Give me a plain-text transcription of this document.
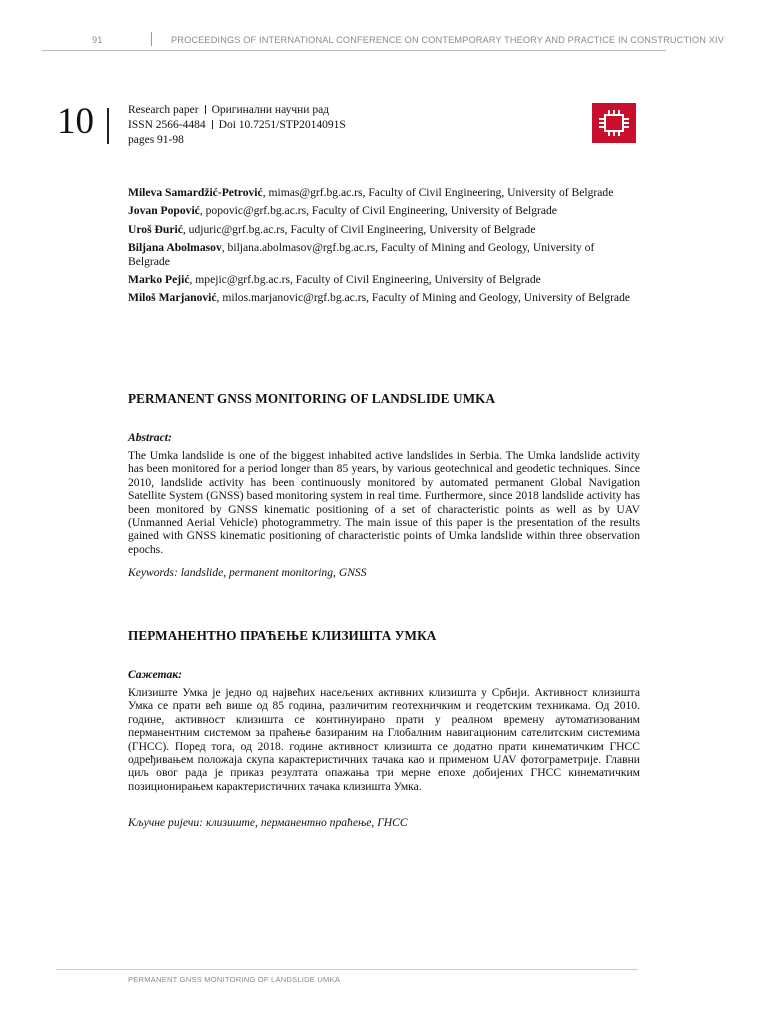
91	PROCEEDINGS OF INTERNATIONAL CONFERENCE ON CONTEMPORARY THEORY AND PRACTICE IN CONSTRUCTION XIV
10	Research paper Оригинални научни рад
ISSN 2566-4484 Doi 10.7251/STP2014091S
pages 91-98
Mileva Samardžić-Petrović, mimas@grf.bg.ac.rs, Faculty of Civil Engineering, University of Belgrade
Jovan Popović, popovic@grf.bg.ac.rs, Faculty of Civil Engineering, University of Belgrade
Uroš Đurić, udjuric@grf.bg.ac.rs, Faculty of Civil Engineering, University of Belgrade
Biljana Abolmasov, biljana.abolmasov@rgf.bg.ac.rs, Faculty of Mining and Geology, University of Belgrade
Marko Pejić, mpejic@grf.bg.ac.rs, Faculty of Civil Engineering, University of Belgrade
Miloš Marjanović, milos.marjanovic@rgf.bg.ac.rs, Faculty of Mining and Geology, University of Belgrade
PERMANENT GNSS MONITORING OF LANDSLIDE UMKA
Abstract:

The Umka landslide is one of the biggest inhabited active landslides in Serbia. The Umka landslide activity has been monitored for a period longer than 85 years, by various geotechnical and geodetic techniques. Since 2010, landslide activity has been continuously monitored by automated permanent Global Navigation Satellite System (GNSS) based monitoring system in real time. Furthermore, since 2018 landslide activity has been monitored by GNSS kinematic positioning of a set of characteristic points as well as by UAV (Unmanned Aerial Vehicle) photogrammetry. The main issue of this paper is the presentation of the results gained with GNSS kinematic positioning of characteristic points of Umka landslide within three observation epochs.

Keywords: landslide, permanent monitoring, GNSS
ПЕРМАНЕНТНО ПРАЋЕЊЕ КЛИЗИШТА УМКА
Сажетак:

Клизиште Умка је једно од највећих насељених активних клизишта у Србији. Активност клизишта Умка се прати већ више од 85 година, различитим геотехничким и геодетским техникама. Од 2010. године, активност клизишта се континуирано прати у реалном времену аутоматизованим перманентним системом за праћење базираним на Глобалним навигационим сателитским системима (ГНСС). Поред тога, од 2018. године активност клизишта се додатно прати кинематичким ГНСС одређивањем положаја скупа карактеристичних тачака као и применом UAV фотограметрије. Главни циљ овог рада је приказ резултата опажања три мерне епохе добијених ГНСС кинематичким позиционирањем карактеристичних тачака клизишта Умка.

Кључне ријечи: клизиште, перманентно праћење, ГНСС
PERMANENT GNSS MONITORING OF LANDSLIDE UMKA
